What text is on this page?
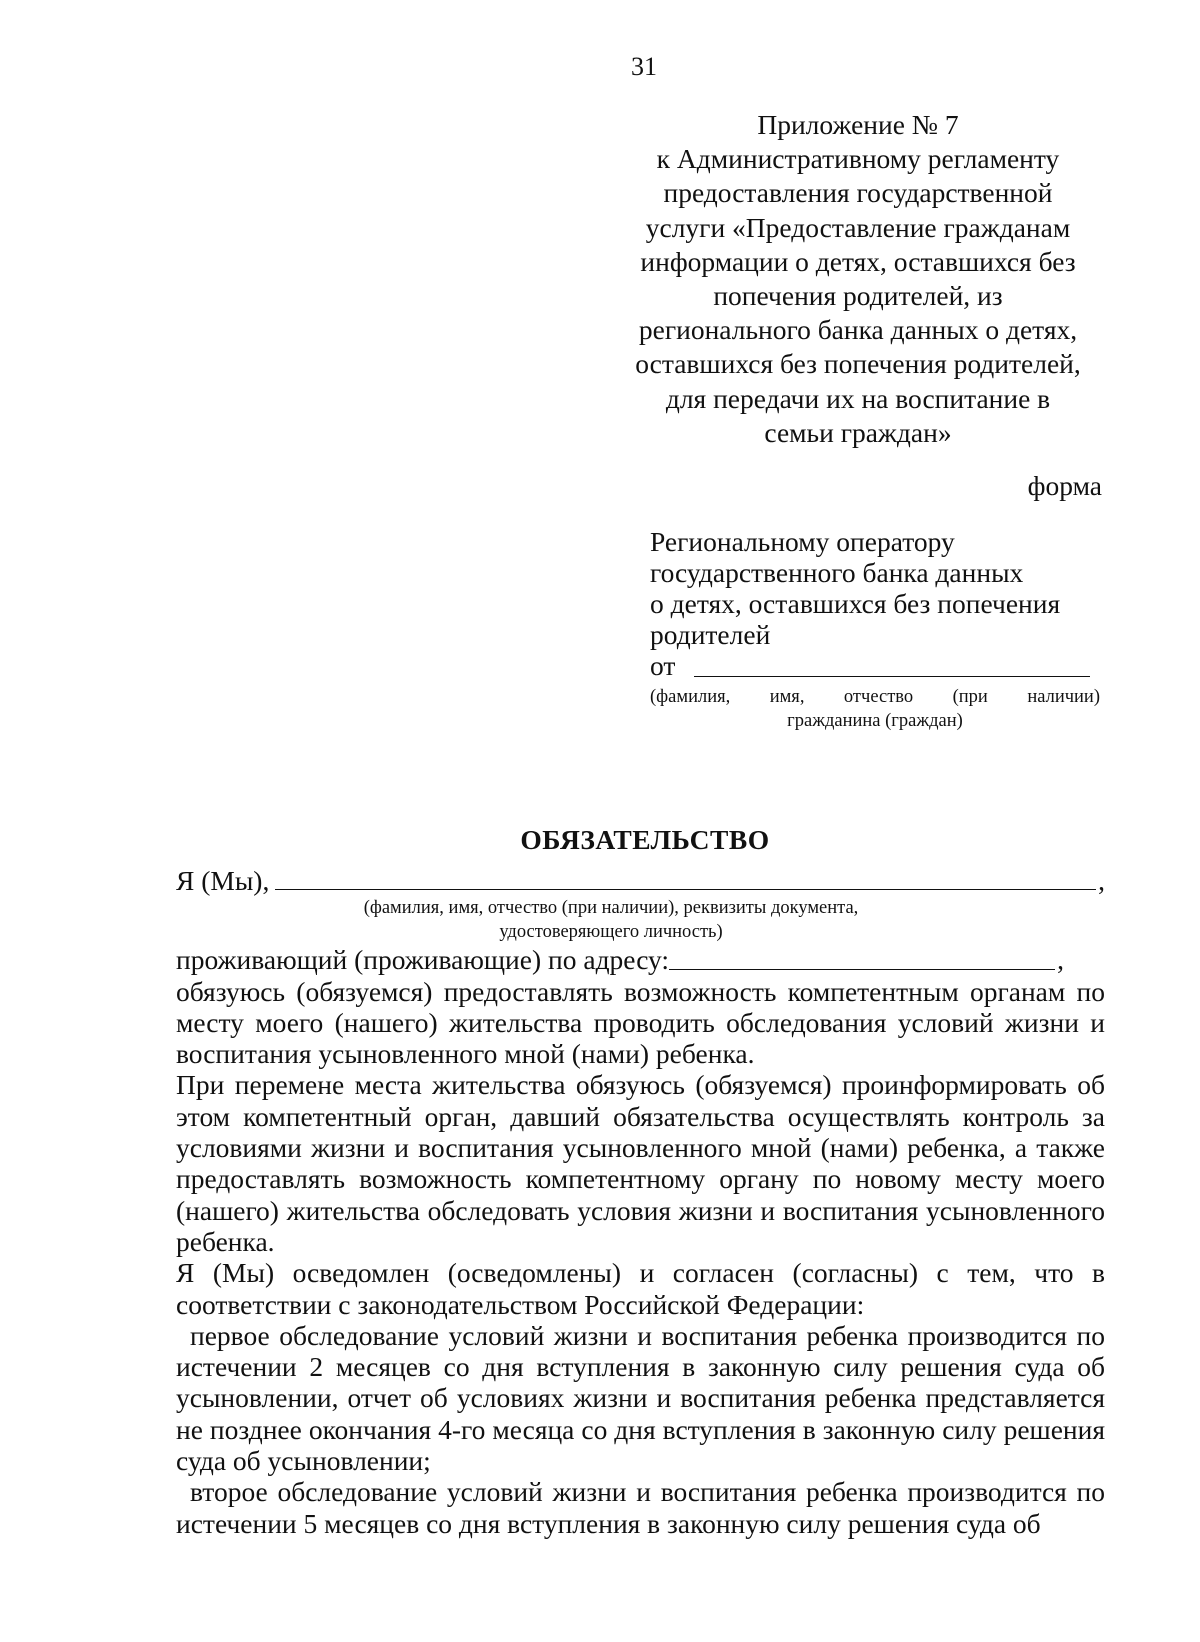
31
Приложение № 7
к Административному регламенту
предоставления государственной
услуги «Предоставление гражданам
информации о детях, оставшихся без
попечения родителей, из
регионального банка данных о детях,
оставшихся без попечения родителей,
для передачи их на воспитание в
семьи граждан»
форма
Региональному оператору
государственного банка данных
о детях, оставшихся без попечения
родителей
от
(фамилия, имя, отчество (при наличии)
гражданина (граждан)
ОБЯЗАТЕЛЬСТВО
Я (Мы),	,
(фамилия, имя, отчество (при наличии), реквизиты документа,
удостоверяющего личность)
проживающий (проживающие) по адресу:	,
обязуюсь (обязуемся) предоставлять возможность компетентным органам по месту моего (нашего) жительства проводить обследования условий жизни и воспитания усыновленного мной (нами) ребенка.
При перемене места жительства обязуюсь (обязуемся) проинформировать об этом компетентный орган, давший обязательства осуществлять контроль за условиями жизни и воспитания усыновленного мной (нами) ребенка, а также предоставлять возможность компетентному органу по новому месту моего (нашего) жительства обследовать условия жизни и воспитания усыновленного ребенка.
Я (Мы) осведомлен (осведомлены) и согласен (согласны) с тем, что в соответствии с законодательством Российской Федерации:
первое обследование условий жизни и воспитания ребенка производится по истечении 2 месяцев со дня вступления в законную силу решения суда об усыновлении, отчет об условиях жизни и воспитания ребенка представляется не позднее окончания 4-го месяца со дня вступления в законную силу решения суда об усыновлении;
второе обследование условий жизни и воспитания ребенка производится по истечении 5 месяцев со дня вступления в законную силу решения суда об
